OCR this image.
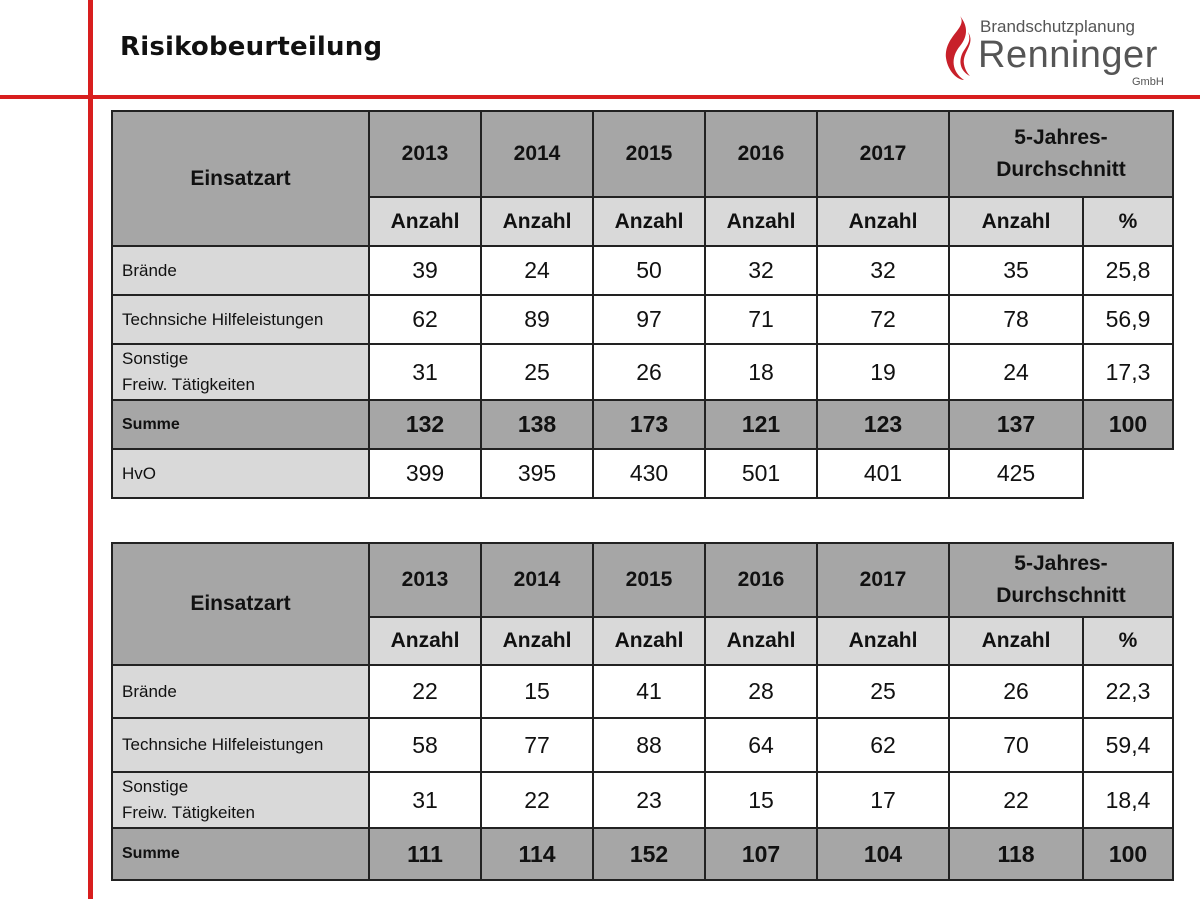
Risikobeurteilung
Brandschutzplanung
Renninger
GmbH
Einsatzart	2013	2014	2015	2016	2017	5-Jahres-
Durchschnitt	
	Anzahl	Anzahl	Anzahl	Anzahl	Anzahl	Anzahl	%
Brände	39	24	50	32	32	35	25,8
Technsiche Hilfeleistungen	62	89	97	71	72	78	56,9
Sonstige
Freiw. Tätigkeiten	31	25	26	18	19	24	17,3
Summe	132	138	173	121	123	137	100
HvO	399	395	430	501	401	425	
Einsatzart	2013	2014	2015	2016	2017	5-Jahres-
Durchschnitt	
	Anzahl	Anzahl	Anzahl	Anzahl	Anzahl	Anzahl	%
Brände	22	15	41	28	25	26	22,3
Technsiche Hilfeleistungen	58	77	88	64	62	70	59,4
Sonstige
Freiw. Tätigkeiten	31	22	23	15	17	22	18,4
Summe	111	114	152	107	104	118	100
